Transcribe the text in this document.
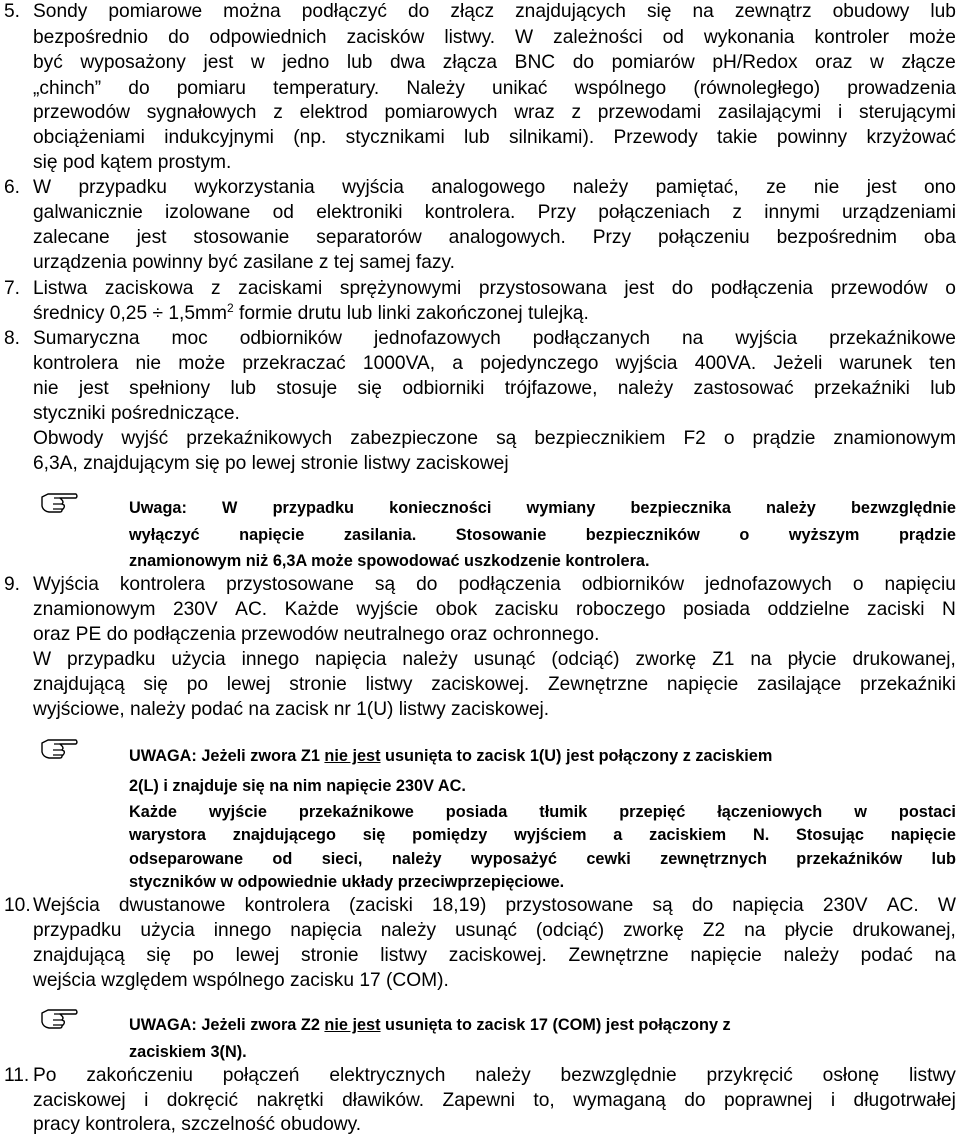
5. Sondy pomiarowe można podłączyć do złącz znajdujących się na zewnątrz obudowy lub
bezpośrednio do odpowiednich zacisków listwy. W zależności od wykonania kontroler może
być wyposażony jest w jedno lub dwa złącza BNC do pomiarów pH/Redox oraz w złącze
„chinch” do pomiaru temperatury. Należy unikać wspólnego (równoległego) prowadzenia
przewodów sygnałowych z elektrod pomiarowych wraz z przewodami zasilającymi i sterującymi
obciążeniami indukcyjnymi (np. stycznikami lub silnikami). Przewody takie powinny krzyżować
się pod kątem prostym.
6. W przypadku wykorzystania wyjścia analogowego należy pamiętać, ze nie jest ono
galwanicznie izolowane od elektroniki kontrolera. Przy połączeniach z innymi urządzeniami
zalecane jest stosowanie separatorów analogowych. Przy połączeniu bezpośrednim oba
urządzenia powinny być zasilane z tej samej fazy.
7. Listwa zaciskowa z zaciskami sprężynowymi przystosowana jest do podłączenia przewodów o
średnicy $0,25 \div 1,5mm^2$ formie drutu lub linki zakończonej tulejką.
8. Sumaryczna moc odbiorników jednofazowych podłączanych na wyjścia przekaźnikowe
kontrolera nie może przekraczać 1000VA, a pojedynczego wyjścia 400VA. Jeżeli warunek ten
nie jest spełniony lub stosuje się odbiorniki trójfazowe, należy zastosować przekaźniki lub
styczniki pośredniczące.
Obwody wyjść przekaźnikowych zabezpieczone są bezpiecznikiem F2 o prądzie znamionowym
6,3A, znajdującym się po lewej stronie listwy zaciskowej
Uwaga: W przypadku konieczności wymiany bezpiecznika należy bezwzględnie
wyłączyć napięcie zasilania. Stosowanie bezpieczników o wyższym prądzie
znamionowym niż 6,3A może spowodować uszkodzenie kontrolera.
9. Wyjścia kontrolera przystosowane są do podłączenia odbiorników jednofazowych o napięciu
znamionowym 230V AC. Każde wyjście obok zacisku roboczego posiada oddzielne zaciski N
oraz PE do podłączenia przewodów neutralnego oraz ochronnego.
W przypadku użycia innego napięcia należy usunąć (odciąć) zworkę Z1 na płycie drukowanej,
znajdującą się po lewej stronie listwy zaciskowej. Zewnętrzne napięcie zasilające przekaźniki
wyjściowe, należy podać na zacisk nr 1(U) listwy zaciskowej.
UWAGA: Jeżeli zwora Z1 nie jest usunięta to zacisk 1(U) jest połączony z zaciskiem
2(L) i znajduje się na nim napięcie 230V AC.
Każde wyjście przekaźnikowe posiada tłumik przepięć łączeniowych w postaci
warystora znajdującego się pomiędzy wyjściem a zaciskiem N. Stosując napięcie
odseparowane od sieci, należy wyposażyć cewki zewnętrznych przekaźników lub
styczników w odpowiednie układy przeciwprzepięciowe.
10. Wejścia dwustanowe kontrolera (zaciski 18,19) przystosowane są do napięcia 230V AC. W
przypadku użycia innego napięcia należy usunąć (odciąć) zworkę Z2 na płycie drukowanej,
znajdującą się po lewej stronie listwy zaciskowej. Zewnętrzne napięcie należy podać na
wejścia względem wspólnego zacisku 17 (COM).
UWAGA: Jeżeli zwora Z2 nie jest usunięta to zacisk 17 (COM) jest połączony z
zaciskiem 3(N).
11. Po zakończeniu połączeń elektrycznych należy bezwzględnie przykręcić osłonę listwy
zaciskowej i dokręcić nakrętki dławików. Zapewni to, wymaganą do poprawnej i długotrwałej
pracy kontrolera, szczelność obudowy.
